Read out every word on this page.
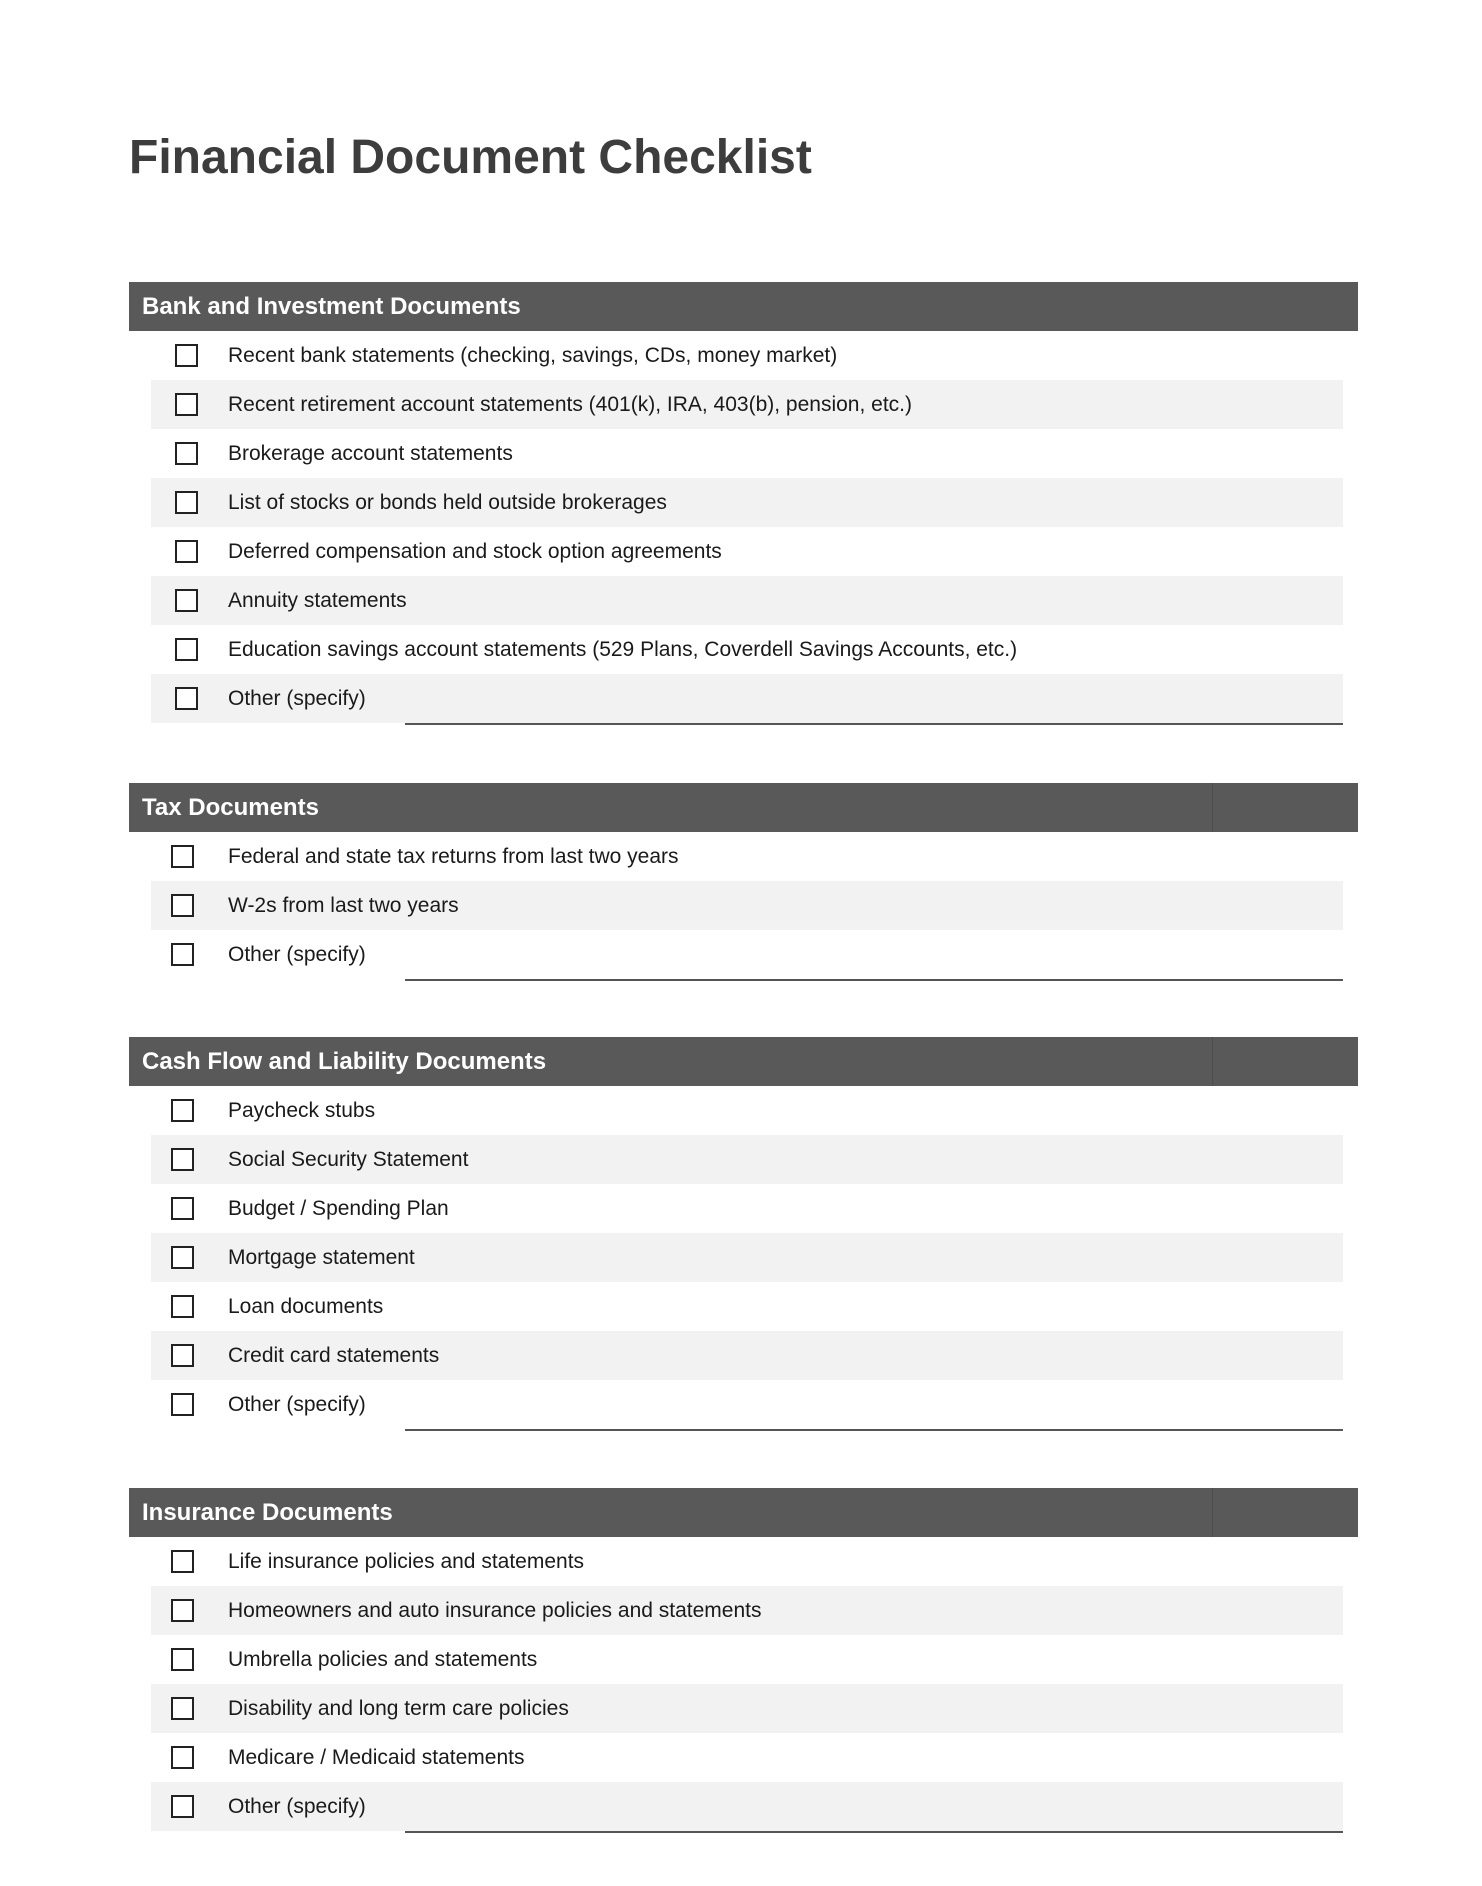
Financial Document Checklist
Bank and Investment Documents
Recent bank statements (checking, savings, CDs, money market)
Recent retirement account statements (401(k), IRA, 403(b), pension, etc.)
Brokerage account statements
List of stocks or bonds held outside brokerages
Deferred compensation and stock option agreements
Annuity statements
Education savings account statements (529 Plans, Coverdell Savings Accounts, etc.)
Other (specify)
Tax Documents
Federal and state tax returns from last two years
W-2s from last two years
Other (specify)
Cash Flow and Liability Documents
Paycheck stubs
Social Security Statement
Budget / Spending Plan
Mortgage statement
Loan documents
Credit card statements
Other (specify)
Insurance Documents
Life insurance policies and statements
Homeowners and auto insurance policies and statements
Umbrella policies and statements
Disability and long term care policies
Medicare / Medicaid statements
Other (specify)
